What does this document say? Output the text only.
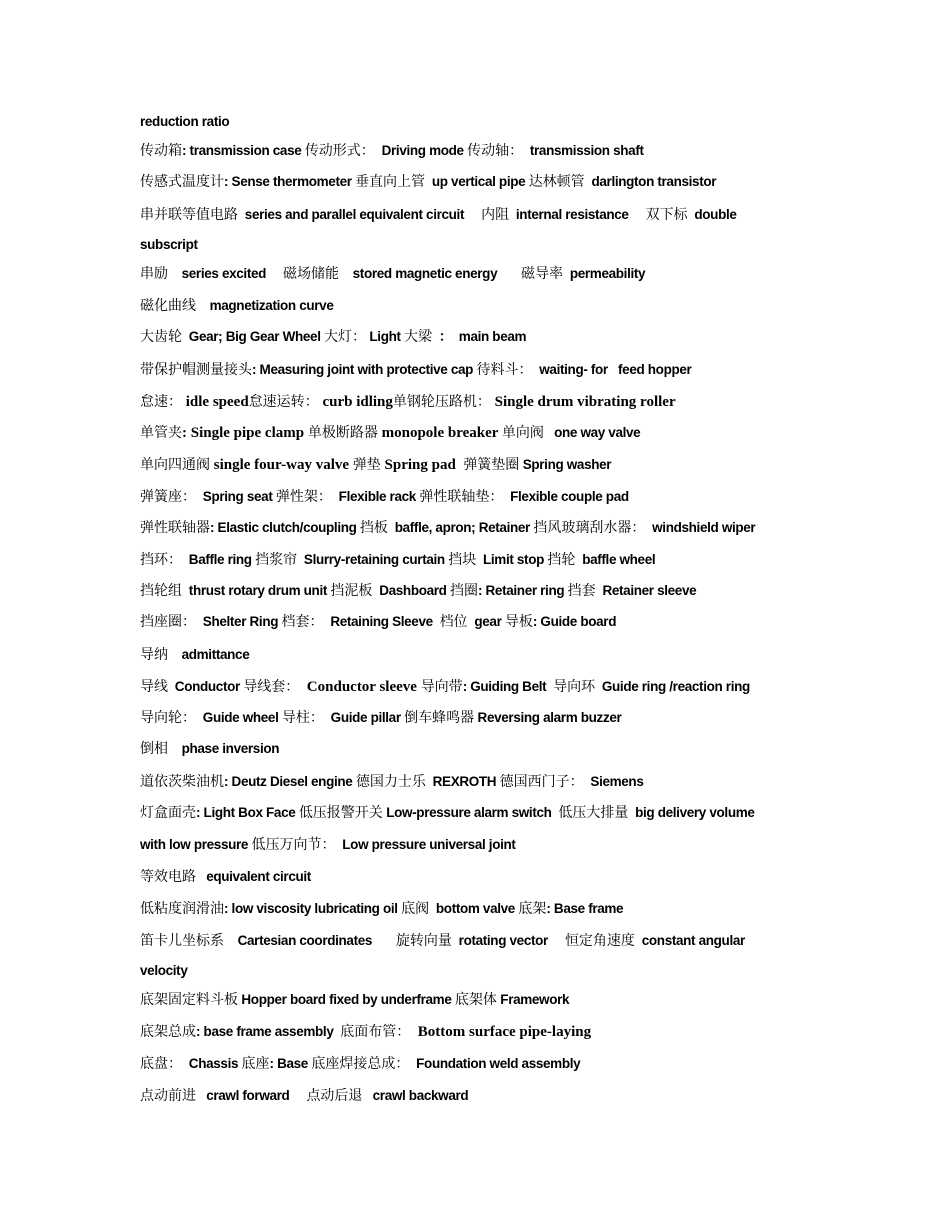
reduction ratio
传动箱: transmission case 传动形式：  Driving mode 传动轴：  transmission shaft
传感式温度计: Sense thermometer 垂直向上管  up vertical pipe 达林顿管  darlington transistor
串并联等值电路  series and parallel equivalent circuit     内阻  internal resistance     双下标  double
subscript
串励    series excited     磁场储能    stored magnetic energy       磁导率  permeability
磁化曲线    magnetization curve
大齿轮  Gear; Big Gear Wheel 大灯： Light 大梁  ：  main beam
带保护帽测量接头: Measuring joint with protective cap 待料斗：  waiting- for   feed hopper
怠速： idle speed怠速运转： curb idling单钢轮压路机： Single drum vibrating roller
单管夹: Single pipe clamp 单极断路器 monopole breaker 单向阀   one way valve
单向四通阀 single four-way valve 弹垫 Spring pad  弹簧垫圈 Spring washer
弹簧座：  Spring seat 弹性架：  Flexible rack 弹性联轴垫：  Flexible couple pad
弹性联轴器: Elastic clutch/coupling 挡板  baffle, apron; Retainer 挡风玻璃刮水器：  windshield wiper
挡环：  Baffle ring 挡浆帘  Slurry-retaining curtain 挡块  Limit stop 挡轮  baffle wheel
挡轮组  thrust rotary drum unit 挡泥板  Dashboard 挡圈: Retainer ring 挡套  Retainer sleeve
挡座圈：  Shelter Ring 档套：  Retaining Sleeve  档位  gear 导板: Guide board
导纳    admittance
导线  Conductor 导线套：  Conductor sleeve 导向带: Guiding Belt  导向环  Guide ring /reaction ring
导向轮：  Guide wheel 导柱：  Guide pillar 倒车蜂鸣器 Reversing alarm buzzer
倒相    phase inversion
道依茨柴油机: Deutz Diesel engine 德国力士乐  REXROTH 德国西门子：  Siemens
灯盒面壳: Light Box Face 低压报警开关 Low-pressure alarm switch  低压大排量  big delivery volume
with low pressure 低压万向节：  Low pressure universal joint
等效电路   equivalent circuit
低粘度润滑油: low viscosity lubricating oil 底阀  bottom valve 底架: Base frame
笛卡儿坐标系    Cartesian coordinates       旋转向量  rotating vector     恒定角速度  constant angular
velocity
底架固定料斗板 Hopper board fixed by underframe 底架体 Framework
底架总成: base frame assembly  底面布管：  Bottom surface pipe-laying
底盘：  Chassis 底座: Base 底座焊接总成：  Foundation weld assembly
点动前进   crawl forward     点动后退   crawl backward
